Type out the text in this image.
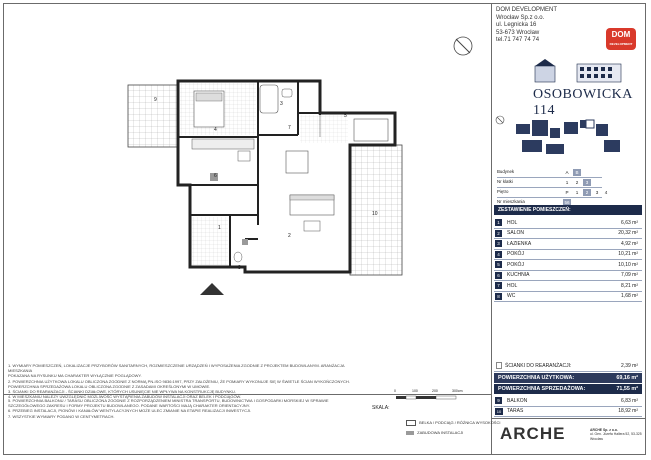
1
2
3
4
5
6
7
8
9
10
DOM DEVELOPMENT
Wrocław Sp.z o.o.
ul. Legnicka 16
53-673 Wrocław
tel.71 747 74 74
DOM
DEVELOPMENT
OSOBOWICKA 114
Budynek	A	B
Nr klatki	1	2	3
Piętro	P	1	2	3	4
Nr mieszkania	56
ZESTAWIENIE POMIESZCZEŃ:
1	HOL	6,63 m²
2	SALON	20,32 m²
3	ŁAZIENKA	4,92 m²
4	POKÓJ	10,21 m²
5	POKÓJ	10,10 m²
6	KUCHNIA	7,09 m²
7	HOL	8,21 m²
8	WC	1,68 m²
ŚCIANKI DO REARANŻACJI:	2,39 m²
POWIERZCHNIA UŻYTKOWA:	69,16 m²
POWIERZCHNIA SPRZEDAŻOWA:	71,55 m²
9	BALKON	6,83 m²
10	TARAS	18,92 m²
ARCHE	ARCHE Sp. z o.o.
ul. Gen. Józefa Hallera 52, 53-325 Wrocław
SKALA:
0	100	200	300cm
BELKA / PODCIĄG / RÓŻNICA WYSOKOŚCI
ZABUDOWA INSTALACJI
1. WYMIARY POMIESZCZEŃ, LOKALIZACJE PRZYBORÓW SANITARNYCH, ROZMIESZCZENIE URZĄDZEŃ I WYPOSAŻENIA ZGODNIE Z PROJEKTEM BUDOWLANYM. ARANŻACJA MIESZKANIA
POKAZANA NA RYSUNKU MA CHARAKTER WYŁĄCZNIE POGLĄDOWY.
2. POWIERZCHNIA UŻYTKOWA LOKALU OBLICZONA ZGODNIE Z NORMĄ PN-ISO 9836:1997, PRZY ZAŁOŻENIU, ŻE POMIARY WYKONUJE SIĘ W ŚWIETLE ŚCIAN WYKOŃCZONYCH.
POWIERZCHNIA SPRZEDAŻOWA LOKALU OBLICZONA ZGODNIE Z ZASADAMI OKREŚLONYMI W UMOWIE.
3. ŚCIANKI DO REARANŻACJI - ŚCIANKI DZIAŁOWE, KTÓRYCH USUNIĘCIE NIE WPŁYWA NA KONSTRUKCJĘ BUDYNKU.
4. W MIESZKANIU NALEŻY UWZGLĘDNIĆ MOŻLIWOŚĆ WYSTĄPIENIA ZABUDÓW INSTALACJI ORAZ BELEK I PODCIĄGÓW.
5. POWIERZCHNIA BALKONU / TARASU OBLICZONA ZGODNIE Z ROZPORZĄDZENIEM MINISTRA TRANSPORTU, BUDOWNICTWA I GOSPODARKI MORSKIEJ W SPRAWIE
SZCZEGÓŁOWEGO ZAKRESU I FORMY PROJEKTU BUDOWLANEGO. PODANE WARTOŚCI MAJĄ CHARAKTER ORIENTACYJNY.
6. PRZEBIEG INSTALACJI, PIONÓW I KANAŁÓW WENTYLACYJNYCH MOŻE ULEC ZMIANIE NA ETAPIE REALIZACJI INWESTYCJI.
7. WSZYSTKIE WYMIARY PODANO W CENTYMETRACH.
